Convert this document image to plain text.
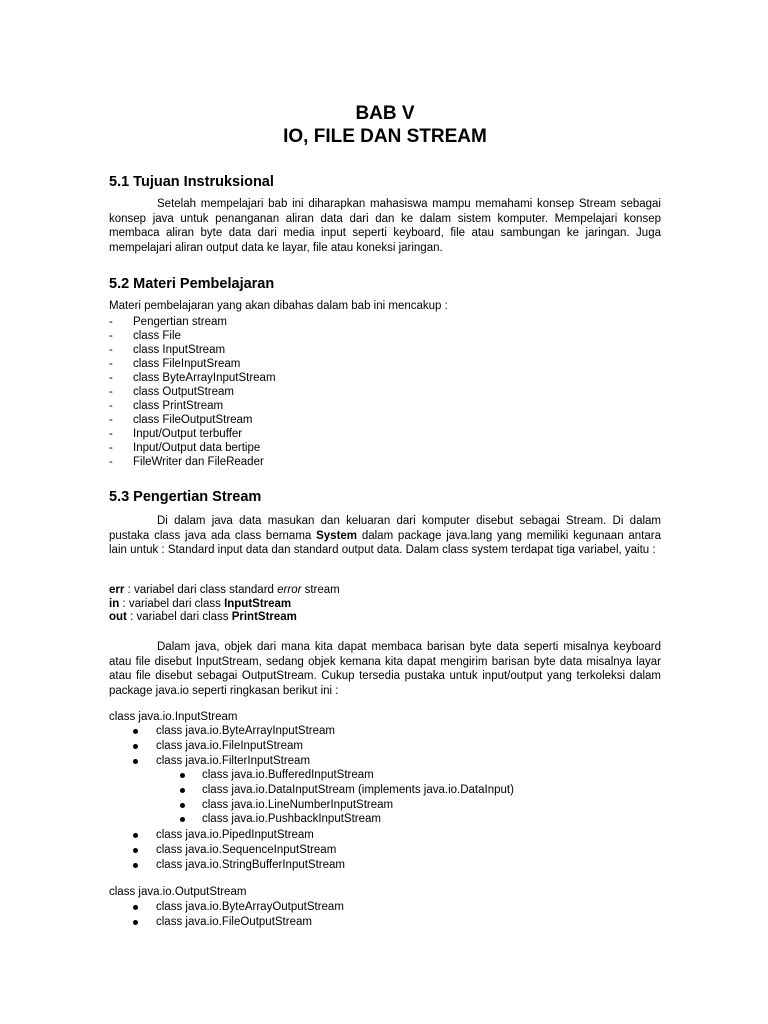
BAB V
IO, FILE DAN STREAM
5.1 Tujuan Instruksional

Setelah mempelajari bab ini diharapkan mahasiswa mampu memahami konsep Stream sebagai konsep java untuk penanganan aliran data dari dan ke dalam sistem komputer. Mempelajari konsep membaca aliran byte data dari media input seperti keyboard, file atau sambungan ke jaringan. Juga mempelajari aliran output data ke layar, file atau koneksi jaringan.

5.2 Materi Pembelajaran

Materi pembelajaran yang akan dibahas dalam bab ini mencakup :

- Pengertian stream
- class File
- class InputStream
- class FileInputSream
- class ByteArrayInputStream
- class OutputStream
- class PrintStream
- class FileOutputStream
- Input/Output terbuffer
- Input/Output data bertipe
- FileWriter dan FileReader
5.3 Pengertian Stream

Di dalam java data masukan dan keluaran dari komputer disebut sebagai Stream. Di dalam pustaka class java ada class bernama System dalam package java.lang yang memiliki kegunaan antara lain untuk : Standard input data dan standard output data. Dalam class system terdapat tiga variabel, yaitu :

err : variabel dari class standard error stream
in : variabel dari class InputStream
out : variabel dari class PrintStream

Dalam java, objek dari mana kita dapat membaca barisan byte data seperti misalnya keyboard atau file disebut InputStream, sedang objek kemana kita dapat mengirim barisan byte data misalnya layar atau file disebut sebagai OutputStream. Cukup tersedia pustaka untuk input/output yang terkoleksi dalam package java.io seperti ringkasan berikut ini :

class java.io.InputStream

class java.io.ByteArrayInputStream
class java.io.FileInputStream
class java.io.FilterInputStream
class java.io.BufferedInputStream
class java.io.DataInputStream (implements java.io.DataInput)
class java.io.LineNumberInputStream
class java.io.PushbackInputStream
class java.io.PipedInputStream
class java.io.SequenceInputStream
class java.io.StringBufferInputStream

class java.io.OutputStream

class java.io.ByteArrayOutputStream
class java.io.FileOutputStream
